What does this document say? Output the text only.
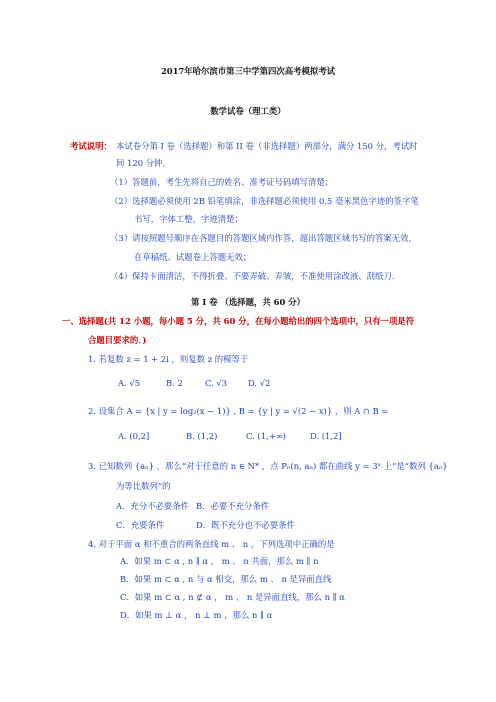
2017年哈尔滨市第三中学第四次高考模拟考试
数学试卷（理工类）
考试说明： 本试卷分第 I 卷（选择题）和第 II 卷（非选择题）两部分，满分 150 分，考试时
间 120 分钟.
（1）答题前，考生先将自己的姓名、准考证号码填写清楚；
（2）选择题必须使用 2B 铅笔填涂，非选择题必须使用 0.5 毫米黑色字迹的签字笔
书写，字体工整，字迹清楚；
（3）请按照题号顺序在各题目的答题区域内作答，超出答题区域书写的答案无效，
在草稿纸、试题卷上答题无效；
（4）保持卡面清洁，不得折叠、不要弄破、弄皱，不准使用涂改液、刮纸刀.
第 I 卷 （选择题，共 60 分）
一、选择题(共 12 小题，每小题 5 分，共 60 分，在每小题给出的四个选项中，只有一项是符
合题目要求的．)
1. 若复数 z = 1 + 2i ，则复数 z 的模等于
A. √5	B. 2	C. √3 D. √2
2. 设集合 A = {x | y = log₂(x − 1)} , B = {y | y = √(2 − x)} ，则 A ∩ B =
A. (0,2]	B. (1,2)	C. (1,+∞)	D. (1,2]
3. 已知数列 {aₙ} ，那么“对于任意的 n ∈ N* ，点 Pₙ(n, aₙ) 都在曲线 y = 3ˣ 上”是“数列 {aₙ}
为等比数列”的
A．充分不必要条件 B．必要不充分条件
C．充要条件	D．既不充分也不必要条件
4. 对于平面 α 和不重合的两条直线 m 、 n ，下列选项中正确的是
A．如果 m ⊂ α , n ∥ α ， m 、 n 共面，那么 m ∥ n
B．如果 m ⊂ α , n 与 α 相交，那么 m 、 n 是异面直线
C．如果 m ⊂ α , n ⊄ α ， m 、 n 是异面直线，那么 n ∥ α
D．如果 m ⊥ α ， n ⊥ m ，那么 n ∥ α
